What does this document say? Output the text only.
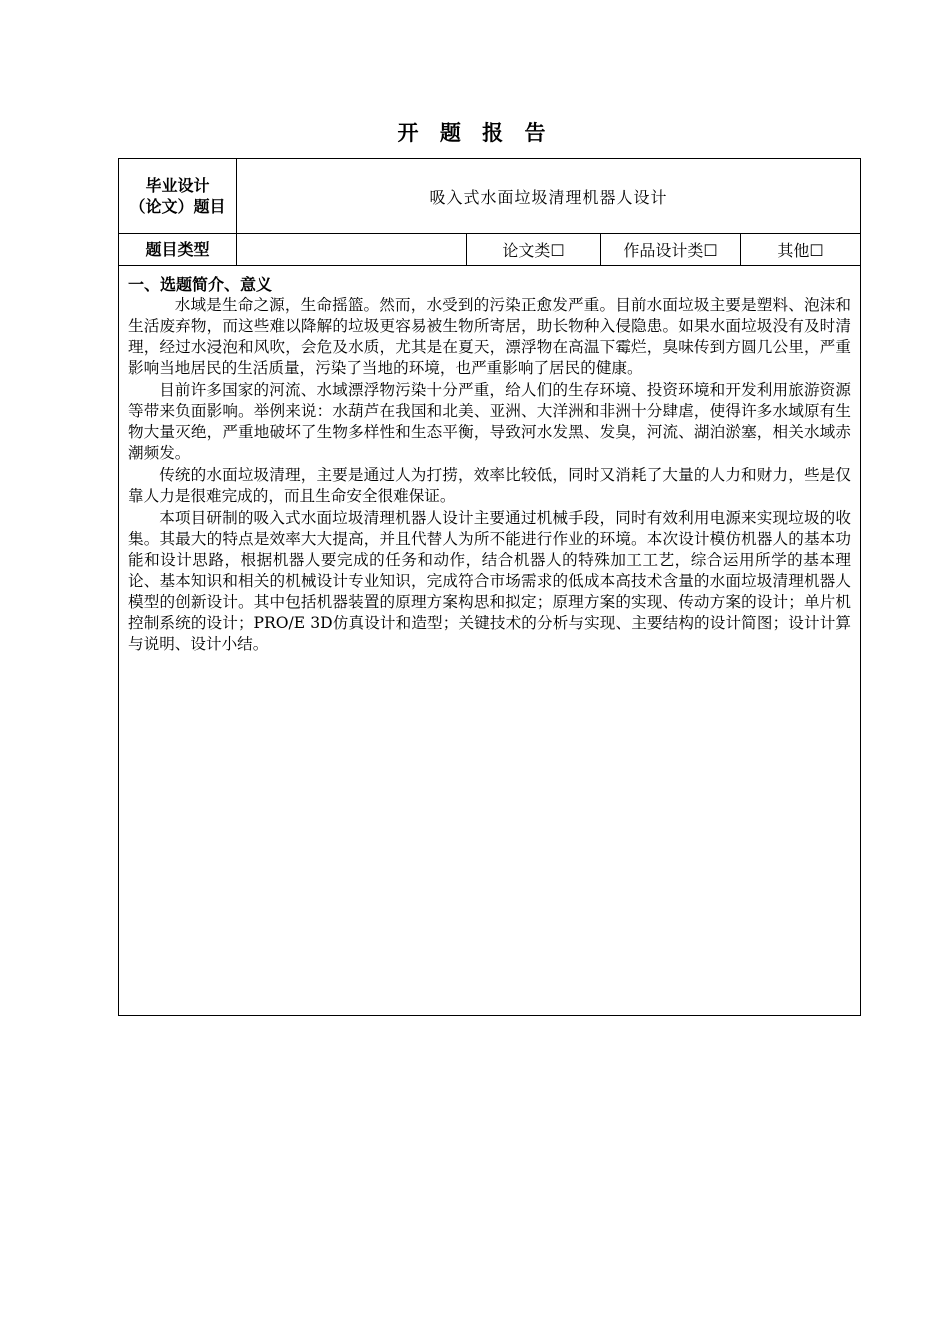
开 题 报 告
毕业设计
（论文）题目	吸入式水面垃圾清理机器人设计			
题目类型		论文类☐	作品设计类☐	其他☐

一、选题简介、意义

水域是生命之源，生命摇篮。然而，水受到的污染正愈发严重。目前水面垃圾主要是塑料、泡沫和生活废弃物，而这些难以降解的垃圾更容易被生物所寄居，助长物种入侵隐患。如果水面垃圾没有及时清理，经过水浸泡和风吹，会危及水质，尤其是在夏天，漂浮物在高温下霉烂，臭味传到方圆几公里，严重影响当地居民的生活质量，污染了当地的环境，也严重影响了居民的健康。

目前许多国家的河流、水域漂浮物污染十分严重，给人们的生存环境、投资环境和开发利用旅游资源等带来负面影响。举例来说：水葫芦在我国和北美、亚洲、大洋洲和非洲十分肆虐，使得许多水域原有生物大量灭绝，严重地破坏了生物多样性和生态平衡，导致河水发黑、发臭，河流、湖泊淤塞，相关水域赤潮频发。

传统的水面垃圾清理，主要是通过人为打捞，效率比较低，同时又消耗了大量的人力和财力，些是仅靠人力是很难完成的，而且生命安全很难保证。

本项目研制的吸入式水面垃圾清理机器人设计主要通过机械手段，同时有效利用电源来实现垃圾的收集。其最大的特点是效率大大提高，并且代替人为所不能进行作业的环境。本次设计模仿机器人的基本功能和设计思路，根据机器人要完成的任务和动作，结合机器人的特殊加工工艺，综合运用所学的基本理论、基本知识和相关的机械设计专业知识，完成符合市场需求的低成本高技术含量的水面垃圾清理机器人模型的创新设计。其中包括机器装置的原理方案构思和拟定；原理方案的实现、传动方案的设计；单片机控制系统的设计；PRO/E 3D仿真设计和造型；关键技术的分析与实现、主要结构的设计简图；设计计算与说明、设计小结。				
